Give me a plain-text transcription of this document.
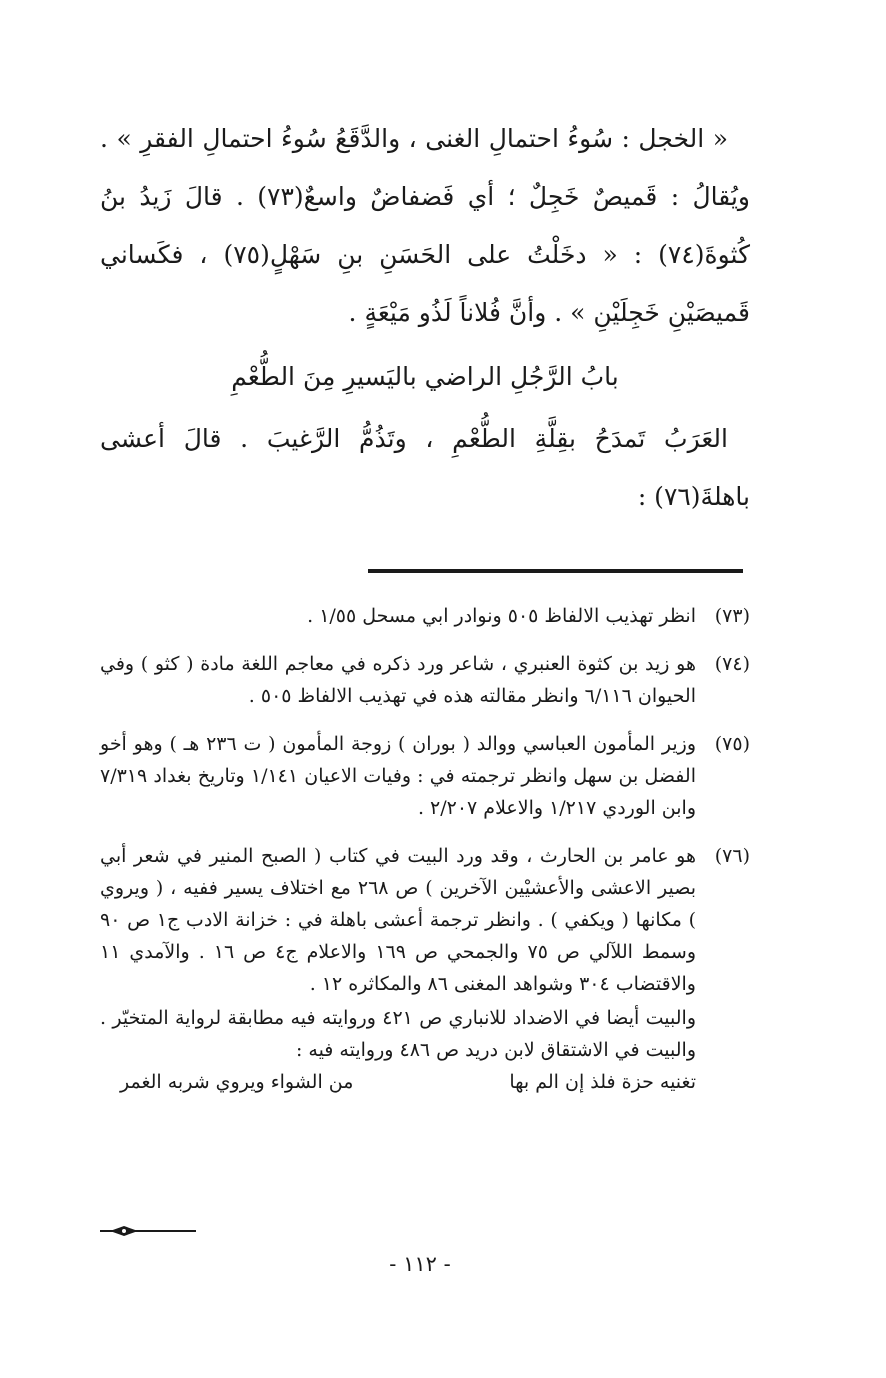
« الخجل : سُوءُ احتمالِ الغنى ، والدَّقَعُ سُوءُ احتمالِ الفقرِ » . ويُقالُ : قَميصٌ خَجِلٌ ؛ أي فَضفاضٌ واسعٌ(٧٣) . قالَ زَيدُ بنُ كُثوةَ(٧٤) : « دخَلْتُ على الحَسَنِ بنِ سَهْلٍ(٧٥) ، فكَساني قَميصَيْنِ خَجِلَيْنِ » . وأنَّ فُلاناً لَذُو مَيْعَةٍ .

بابُ الرَّجُلِ الراضي باليَسيرِ مِنَ الطُّعْمِ

العَرَبُ تَمدَحُ بقِلَّةِ الطُّعْمِ ، وتَذُمُّ الرَّغيبَ . قالَ أعشى باهلةَ(٧٦) :

(٧٣)

انظر تهذيب الالفاظ ٥٠٥ ونوادر ابي مسحل ١/٥٥ .

(٧٤)

هو زيد بن كثوة العنبري ، شاعر ورد ذكره في معاجم اللغة مادة ( كثو ) وفي الحيوان ٦/١١٦ وانظر مقالته هذه في تهذيب الالفاظ ٥٠٥ .

(٧٥)

وزير المأمون العباسي ووالد ( بوران ) زوجة المأمون ( ت ٢٣٦ هـ ) وهو أخو الفضل بن سهل وانظر ترجمته في : وفيات الاعيان ١/١٤١ وتاريخ بغداد ٧/٣١٩ وابن الوردي ١/٢١٧ والاعلام ٢/٢٠٧ .

(٧٦)

هو عامر بن الحارث ، وقد ورد البيت في كتاب ( الصبح المنير في شعر أبي بصير الاعشى والأعشيْين الآخرين ) ص ٢٦٨ مع اختلاف يسير ففيه ، ( ويروي ) مكانها ( ويكفي ) . وانظر ترجمة أعشى باهلة في : خزانة الادب ج١ ص ٩٠ وسمط اللآلي ص ٧٥ والجمحي ص ١٦٩ والاعلام ج٤ ص ١٦ . والآمدي ١١ والاقتضاب ٣٠٤ وشواهد المغنى ٨٦ والمكاثره ١٢ .

والبيت أيضا في الاضداد للانباري ص ٤٢١ وروايته فيه مطابقة لرواية المتخيّر . والبيت في الاشتقاق لابن دريد ص ٤٨٦ وروايته فيه :

تغنيه حزة فلذ إن الم بها
من الشواء ويروي شربه الغمر
- ١١٢ -
